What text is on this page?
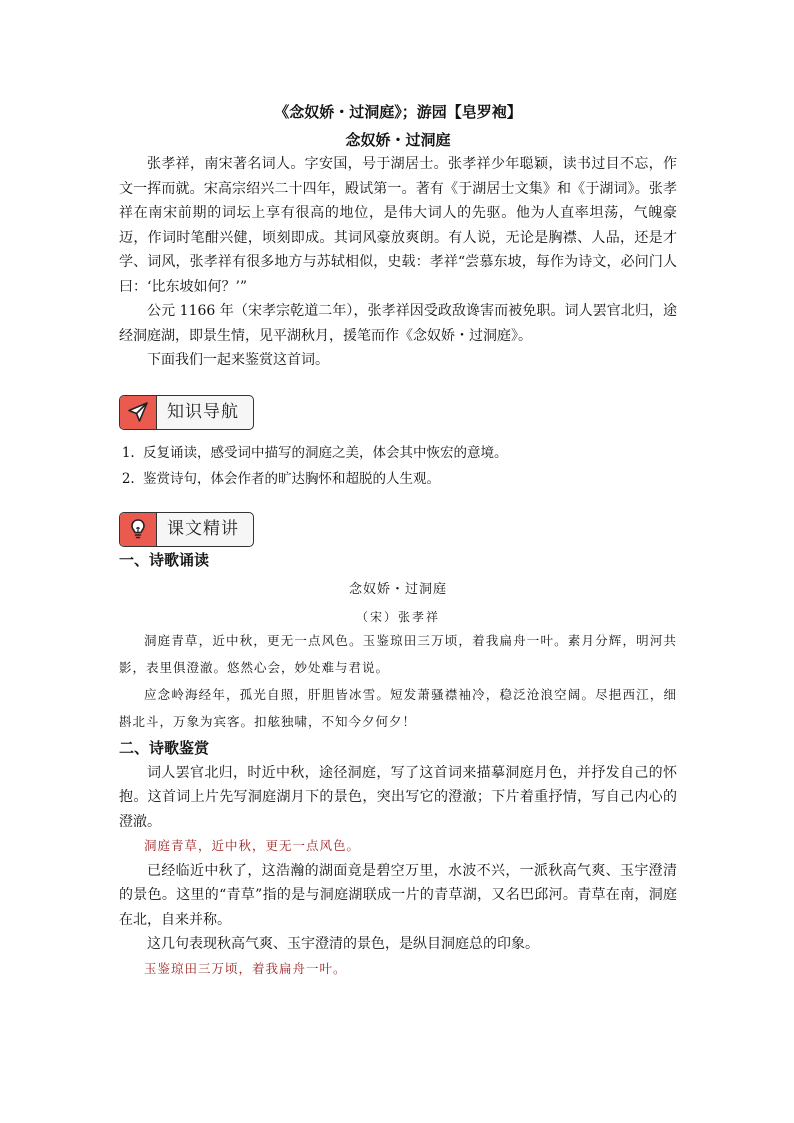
《念奴娇・过洞庭》；游园【皂罗袍】
念奴娇・过洞庭

张孝祥，南宋著名词人。字安国，号于湖居士。张孝祥少年聪颖，读书过目不忘，作文一挥而就。宋高宗绍兴二十四年，殿试第一。著有《于湖居士文集》和《于湖词》。张孝祥在南宋前期的词坛上享有很高的地位，是伟大词人的先驱。他为人直率坦荡，气魄豪迈，作词时笔酣兴健，顷刻即成。其词风豪放爽朗。有人说，无论是胸襟、人品，还是才学、词风，张孝祥有很多地方与苏轼相似，史载：孝祥“尝慕东坡，每作为诗文，必问门人曰：‘比东坡如何？’”

公元 1166 年（宋孝宗乾道二年），张孝祥因受政敌谗害而被免职。词人罢官北归，途经洞庭湖，即景生情，见平湖秋月，援笔而作《念奴娇・过洞庭》。

下面我们一起来鉴赏这首词。

知识导航
1. 反复诵读，感受词中描写的洞庭之美，体会其中恢宏的意境。
2. 鉴赏诗句，体会作者的旷达胸怀和超脱的人生观。
课文精讲
一、诗歌诵读
念奴娇・过洞庭
（宋）张孝祥

洞庭青草，近中秋，更无一点风色。玉鉴琼田三万顷，着我扁舟一叶。素月分辉，明河共影，表里俱澄澈。悠然心会，妙处难与君说。

应念岭海经年，孤光自照，肝胆皆冰雪。短发萧骚襟袖冷，稳泛沧浪空阔。尽挹西江，细斟北斗，万象为宾客。扣舷独啸，不知今夕何夕！

二、诗歌鉴赏

词人罢官北归，时近中秋，途径洞庭，写了这首词来描摹洞庭月色，并抒发自己的怀抱。这首词上片先写洞庭湖月下的景色，突出写它的澄澈；下片着重抒情，写自己内心的澄澈。

洞庭青草，近中秋，更无一点风色。

已经临近中秋了，这浩瀚的湖面竟是碧空万里，水波不兴，一派秋高气爽、玉宇澄清的景色。这里的“青草”指的是与洞庭湖联成一片的青草湖，又名巴邱河。青草在南，洞庭在北，自来并称。

这几句表现秋高气爽、玉宇澄清的景色，是纵目洞庭总的印象。

玉鉴琼田三万顷，着我扁舟一叶。
